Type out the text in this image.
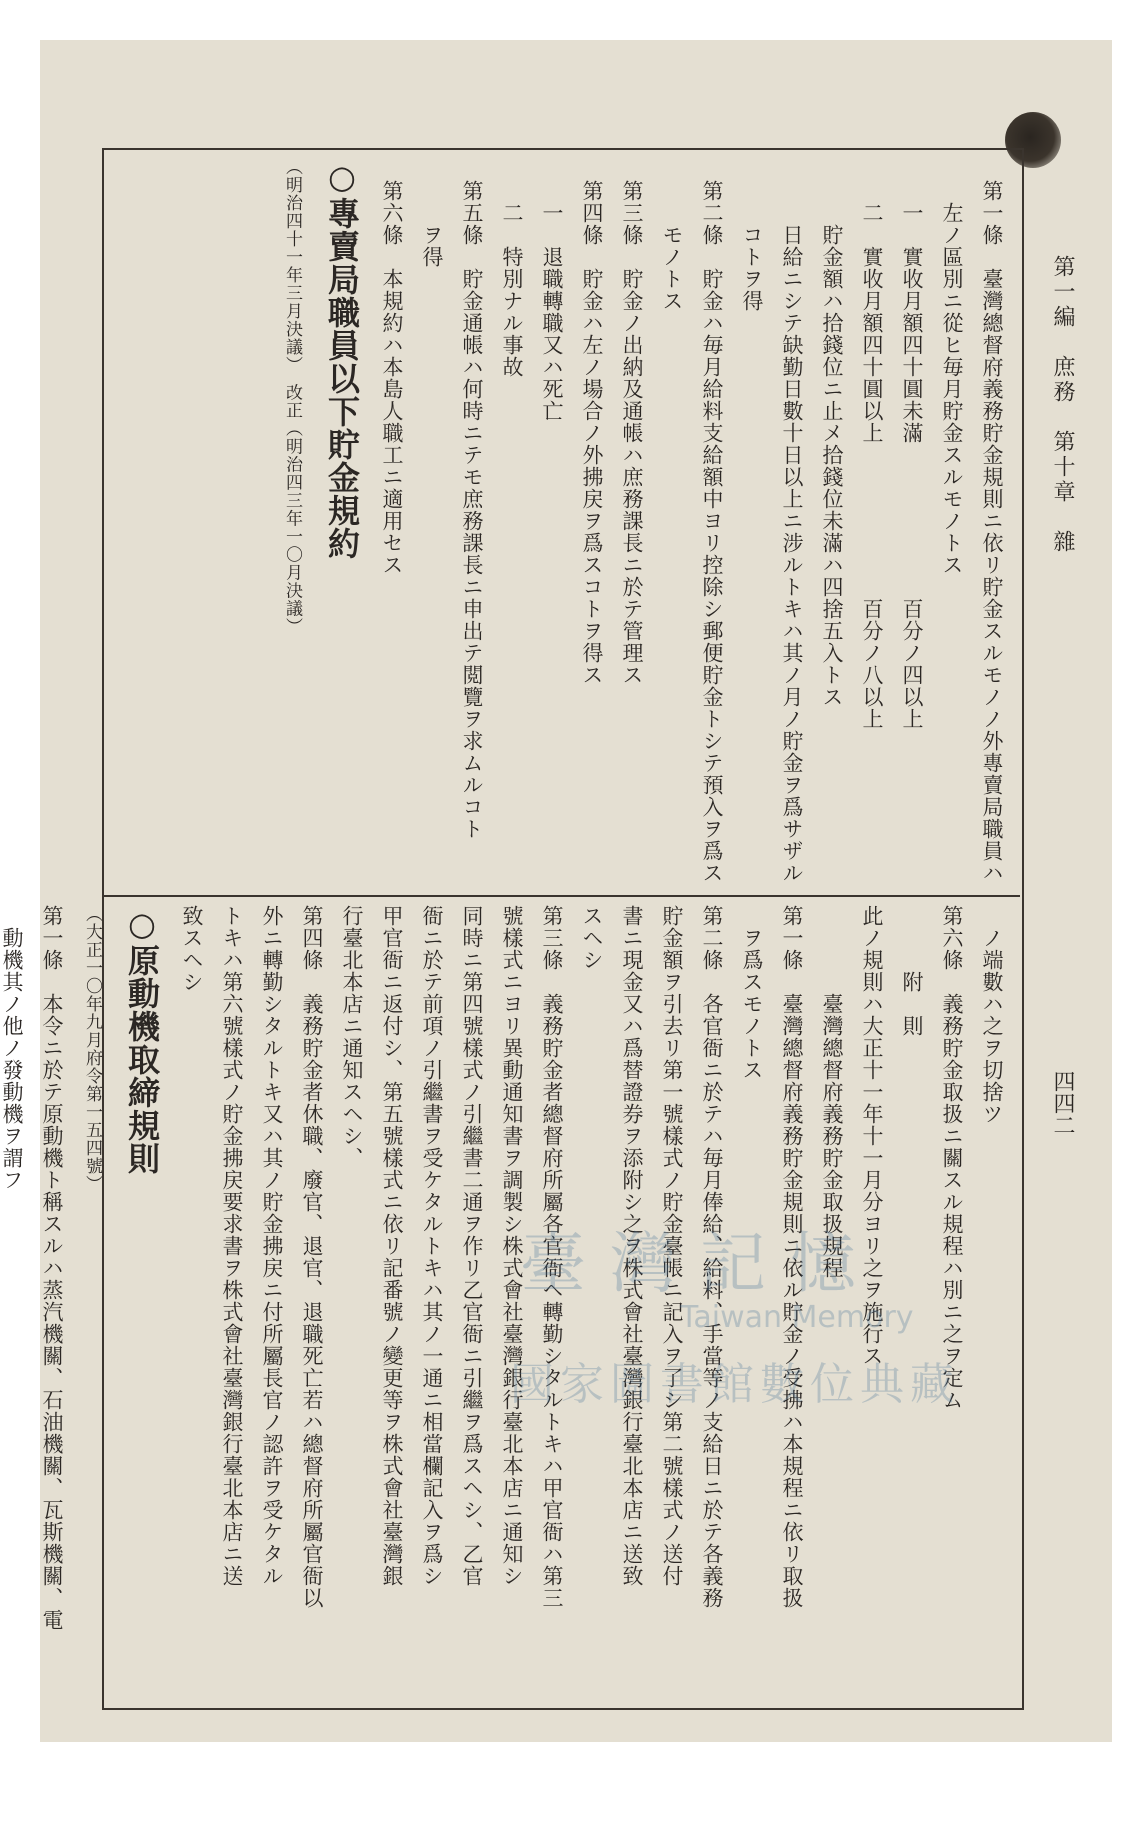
第一編　庶務　第十章　雜
四四二
　第一條　臺灣總督府義務貯金規則ニ依リ貯金スルモノノ外專賣局職員ハ
　　左ノ區別ニ從ヒ毎月貯金スルモノトス
　　一　實收月額四十圓未滿　　　　　　　百分ノ四以上
　　二　實收月額四十圓以上　　　　　　　百分ノ八以上
　　　貯金額ハ拾錢位ニ止メ拾錢位未滿ハ四捨五入トス
　　　日給ニシテ缺勤日數十日以上ニ涉ルトキハ其ノ月ノ貯金ヲ爲サザル
　　　コトヲ得
　第二條　貯金ハ毎月給料支給額中ヨリ控除シ郵便貯金トシテ預入ヲ爲ス
　　　モノトス
　第三條　貯金ノ出納及通帳ハ庶務課長ニ於テ管理ス
　第四條　貯金ハ左ノ場合ノ外拂戻ヲ爲スコトヲ得ス
　　一　退職轉職又ハ死亡
　　二　特別ナル事故
　第五條　貯金通帳ハ何時ニテモ庶務課長ニ申出テ閲覽ヲ求ムルコト
　　　ヲ得
　第六條　本規約ハ本島人職工ニ適用セス
○專賣局職員以下貯金規約
（明治四十一年三月決議）　改正（明治四三年一〇月決議）
　ノ端數ハ之ヲ切捨ツ
第六條　義務貯金取扱ニ關スル規程ハ別ニ之ヲ定ム
　　　附　則
此ノ規則ハ大正十一年十一月分ヨリ之ヲ施行ス
　　　　臺灣總督府義務貯金取扱規程
第一條　臺灣總督府義務貯金規則ニ依ル貯金ノ受拂ハ本規程ニ依リ取扱
　ヲ爲スモノトス
第二條　各官衙ニ於テハ毎月俸給、給料、手當等ノ支給日ニ於テ各義務
貯金額ヲ引去リ第一號樣式ノ貯金臺帳ニ記入ヲ了シ第二號樣式ノ送付
書ニ現金又ハ爲替證券ヲ添附シ之ヲ株式會社臺灣銀行臺北本店ニ送致
スヘシ
第三條　義務貯金者總督府所屬各官衙ヘ轉勤シタルトキハ甲官衙ハ第三
號樣式ニヨリ異動通知書ヲ調製シ株式會社臺灣銀行臺北本店ニ通知シ
同時ニ第四號樣式ノ引繼書二通ヲ作リ乙官衙ニ引繼ヲ爲スヘシ、乙官
衙ニ於テ前項ノ引繼書ヲ受ケタルトキハ其ノ一通ニ相當欄記入ヲ爲シ
甲官衙ニ返付シ、第五號樣式ニ依リ記番號ノ變更等ヲ株式會社臺灣銀
行臺北本店ニ通知スヘシ、
第四條　義務貯金者休職、廢官、退官、退職死亡若ハ總督府所屬官衙以
外ニ轉勤シタルトキ又ハ其ノ貯金拂戻ニ付所屬長官ノ認許ヲ受ケタル
トキハ第六號樣式ノ貯金拂戻要求書ヲ株式會社臺灣銀行臺北本店ニ送
致スヘシ
○原動機取締規則
（大正一〇年九月府令第一五四號）
第一條　本令ニ於テ原動機ト稱スルハ蒸汽機關、石油機關、瓦斯機關、電
　動機其ノ他ノ發動機ヲ謂フ
臺灣記憶
Taiwan Memory
國家圖書館數位典藏
